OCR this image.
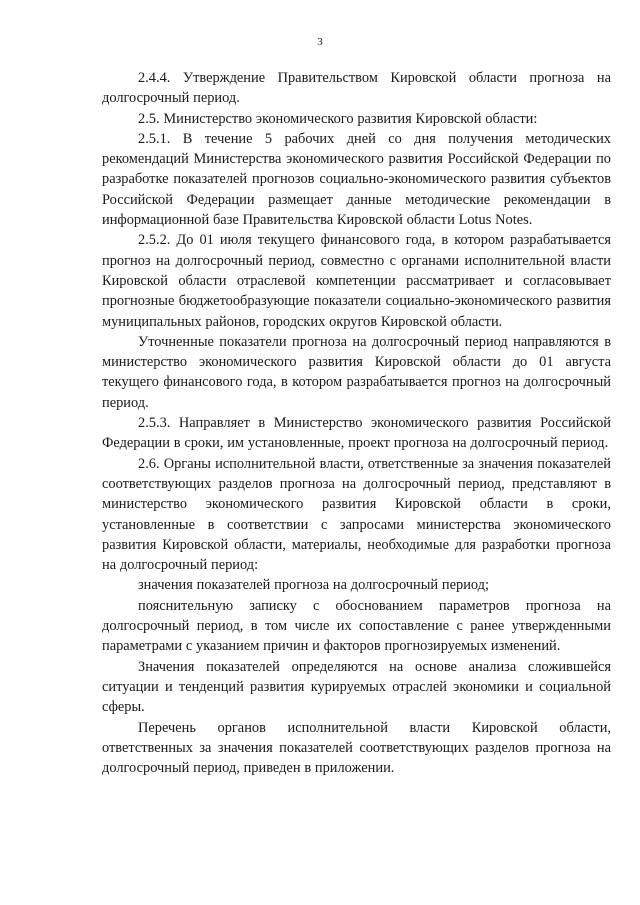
3

2.4.4. Утверждение Правительством Кировской области прогноза на долгосрочный период.

2.5. Министерство экономического развития Кировской области:

2.5.1. В течение 5 рабочих дней со дня получения методических рекомендаций Министерства экономического развития Российской Федерации по разработке показателей прогнозов социально-экономического развития субъектов Российской Федерации размещает данные методические рекомендации в информационной базе Правительства Кировской области Lotus Notes.

2.5.2. До 01 июля текущего финансового года, в котором разрабатывается прогноз на долгосрочный период, совместно с органами исполнительной власти Кировской области отраслевой компетенции рассматривает и согласовывает прогнозные бюджетообразующие показатели социально-экономического развития муниципальных районов, городских округов Кировской области.

Уточненные показатели прогноза на долгосрочный период направляются в министерство экономического развития Кировской области до 01 августа текущего финансового года, в котором разрабатывается прогноз на долгосрочный период.

2.5.3. Направляет в Министерство экономического развития Российской Федерации в сроки, им установленные, проект прогноза на долгосрочный период.

2.6. Органы исполнительной власти, ответственные за значения показателей соответствующих разделов прогноза на долгосрочный период, представляют в министерство экономического развития Кировской области в сроки, установленные в соответствии с запросами министерства экономического развития Кировской области, материалы, необходимые для разработки прогноза на долгосрочный период:

значения показателей прогноза на долгосрочный период;

пояснительную записку с обоснованием параметров прогноза на долгосрочный период, в том числе их сопоставление с ранее утвержденными параметрами с указанием причин и факторов прогнозируемых изменений.

Значения показателей определяются на основе анализа сложившейся ситуации и тенденций развития курируемых отраслей экономики и социальной сферы.

Перечень органов исполнительной власти Кировской области, ответственных за значения показателей соответствующих разделов прогноза на долгосрочный период, приведен в приложении.
